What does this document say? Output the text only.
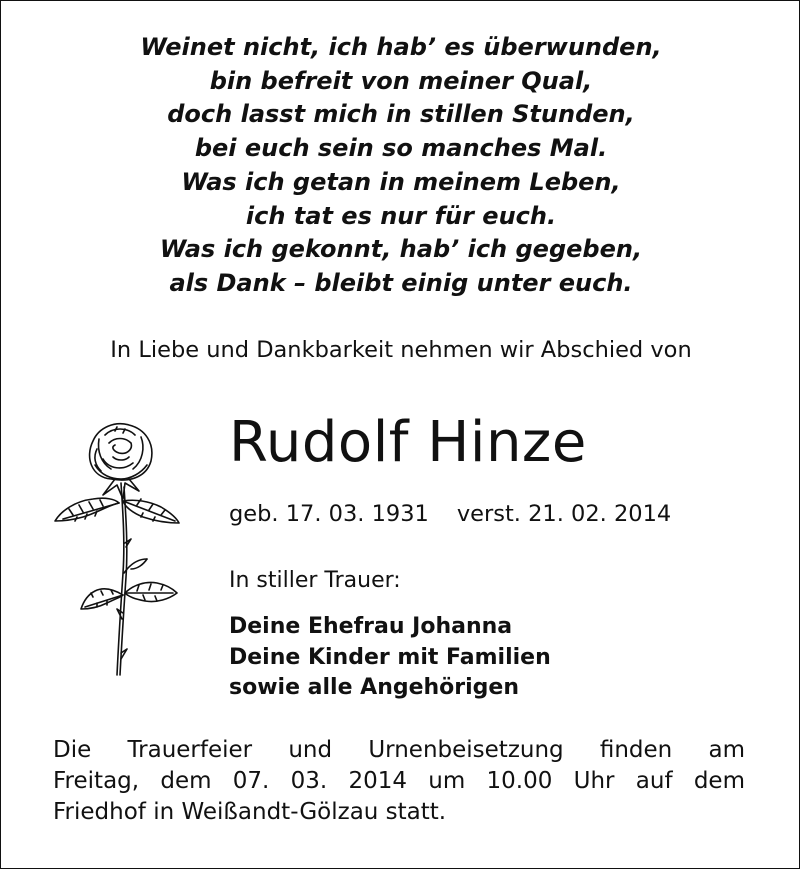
Weinet nicht, ich hab’ es überwunden,
bin befreit von meiner Qual,
doch lasst mich in stillen Stunden,
bei euch sein so manches Mal.
Was ich getan in meinem Leben,
ich tat es nur für euch.
Was ich gekonnt, hab’ ich gegeben,
als Dank – bleibt einig unter euch.
In Liebe und Dankbarkeit nehmen wir Abschied von
Rudolf Hinze
geb. 17. 03. 1931 verst. 21. 02. 2014
In stiller Trauer:
Deine Ehefrau Johanna
Deine Kinder mit Familien
sowie alle Angehörigen
Die Trauerfeier und Urnenbeisetzung finden am
Freitag, dem 07. 03. 2014 um 10.00 Uhr auf dem
Friedhof in Weißandt-Gölzau statt.
